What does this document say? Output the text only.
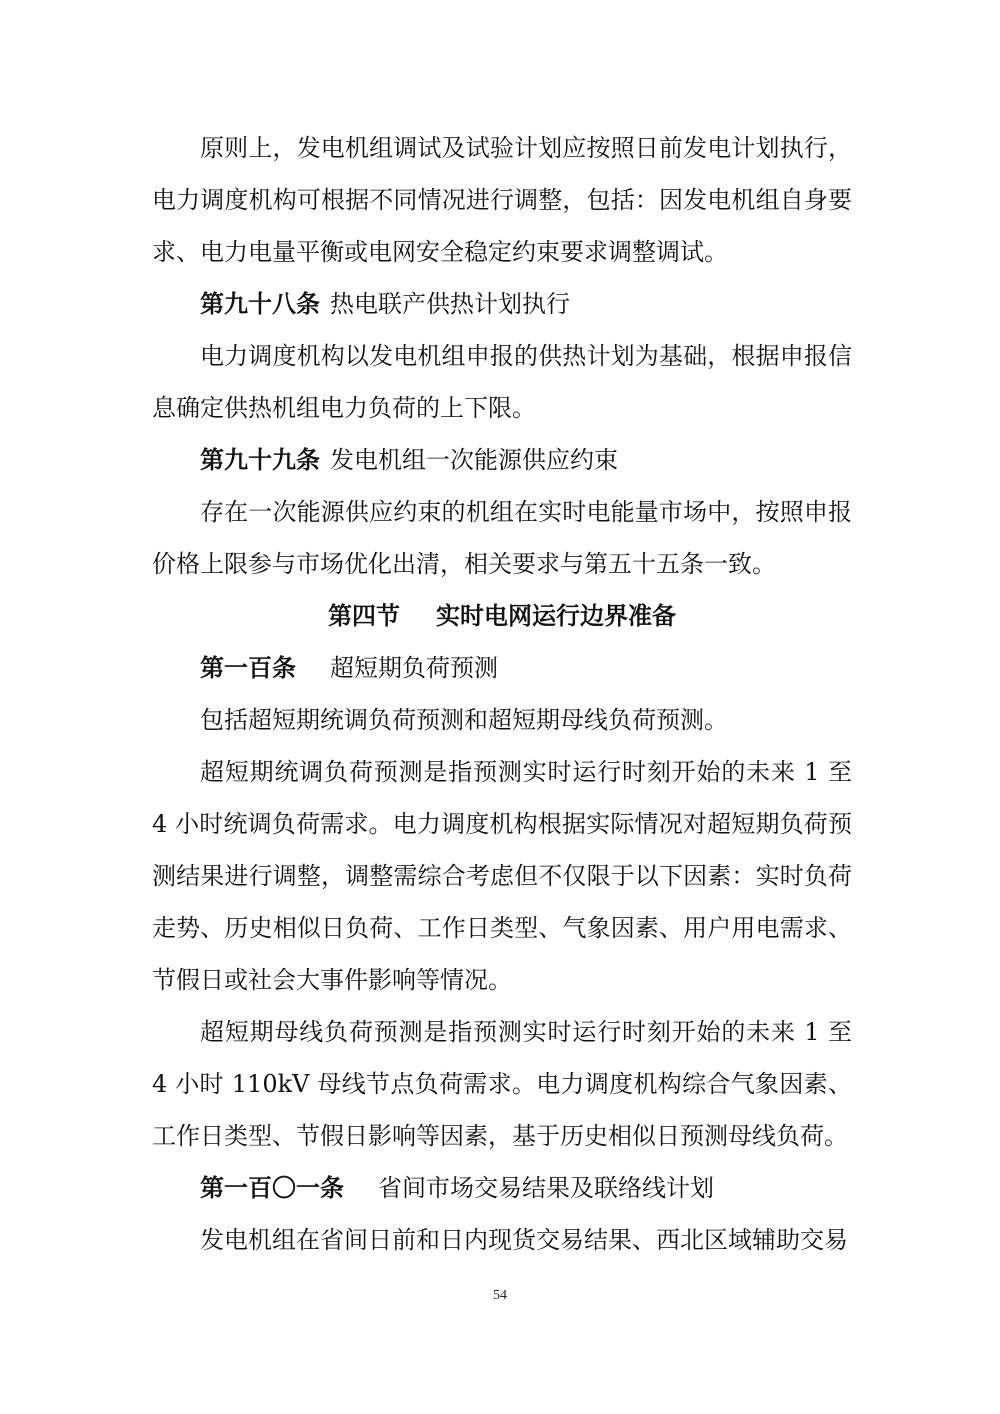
原则上，发电机组调试及试验计划应按照日前发电计划执行，电力调度机构可根据不同情况进行调整，包括：因发电机组自身要求、电力电量平衡或电网安全稳定约束要求调整调试。

第九十八条 热电联产供热计划执行

电力调度机构以发电机组申报的供热计划为基础，根据申报信息确定供热机组电力负荷的上下限。

第九十九条 发电机组一次能源供应约束

存在一次能源供应约束的机组在实时电能量市场中，按照申报价格上限参与市场优化出清，相关要求与第五十五条一致。

第四节 实时电网运行边界准备

第一百条 超短期负荷预测

包括超短期统调负荷预测和超短期母线负荷预测。

超短期统调负荷预测是指预测实时运行时刻开始的未来 1 至 4 小时统调负荷需求。电力调度机构根据实际情况对超短期负荷预测结果进行调整，调整需综合考虑但不仅限于以下因素：实时负荷走势、历史相似日负荷、工作日类型、气象因素、用户用电需求、节假日或社会大事件影响等情况。

超短期母线负荷预测是指预测实时运行时刻开始的未来 1 至 4 小时 110kV 母线节点负荷需求。电力调度机构综合气象因素、工作日类型、节假日影响等因素，基于历史相似日预测母线负荷。

第一百〇一条 省间市场交易结果及联络线计划

发电机组在省间日前和日内现货交易结果、西北区域辅助交易

54
